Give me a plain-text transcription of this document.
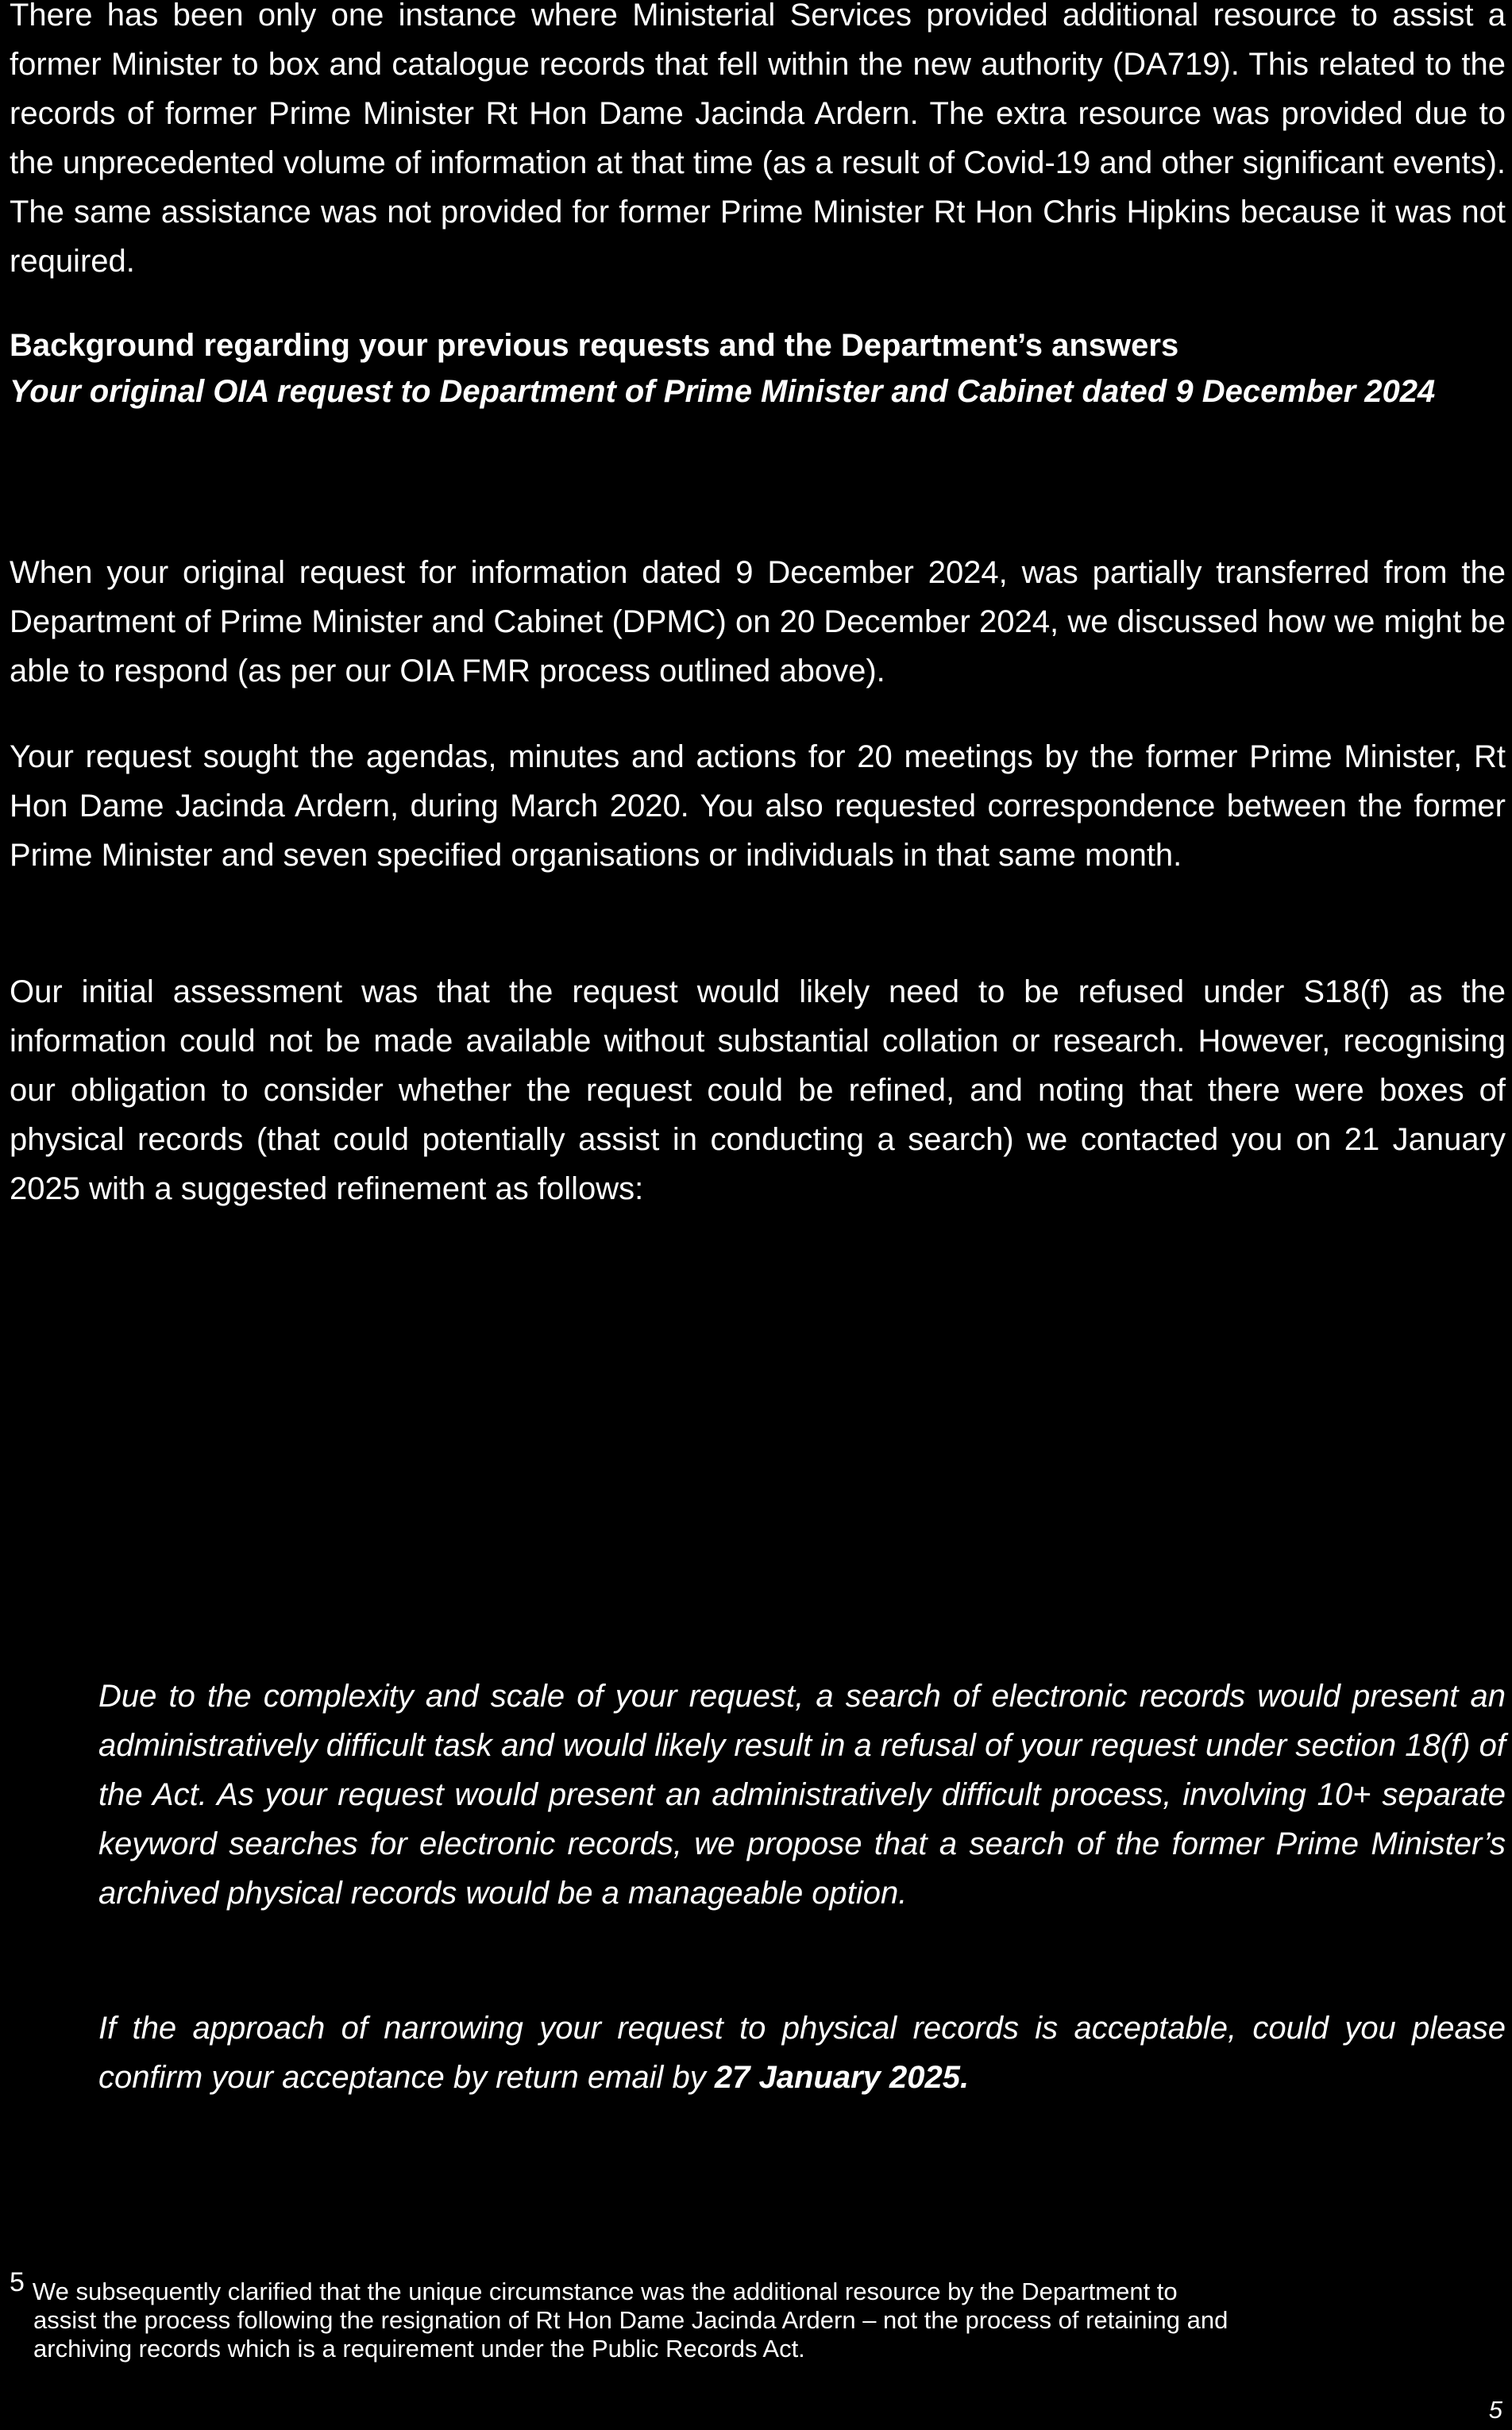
There has been only one instance where Ministerial Services provided additional resource to assist a former Minister to box and catalogue records that fell within the new authority (DA719). This related to the records of former Prime Minister Rt Hon Dame Jacinda Ardern. The extra resource was provided due to the unprecedented volume of information at that time (as a result of Covid-19 and other significant events). The same assistance was not provided for former Prime Minister Rt Hon Chris Hipkins because it was not required.

Background regarding your previous requests and the Department’s answers

Your original OIA request to Department of Prime Minister and Cabinet dated 9 December 2024

When your original request for information dated 9 December 2024, was partially transferred from the Department of Prime Minister and Cabinet (DPMC) on 20 December 2024, we discussed how we might be able to respond (as per our OIA FMR process outlined above).

Your request sought the agendas, minutes and actions for 20 meetings by the former Prime Minister, Rt Hon Dame Jacinda Ardern, during March 2020. You also requested correspondence between the former Prime Minister and seven specified organisations or individuals in that same month.

Our initial assessment was that the request would likely need to be refused under S18(f) as the information could not be made available without substantial collation or research. However, recognising our obligation to consider whether the request could be refined, and noting that there were boxes of physical records (that could potentially assist in conducting a search) we contacted you on 21 January 2025 with a suggested refinement as follows:

Due to the complexity and scale of your request, a search of electronic records would present an administratively difficult task and would likely result in a refusal of your request under section 18(f) of the Act. As your request would present an administratively difficult process, involving 10+ separate keyword searches for electronic records, we propose that a search of the former Prime Minister’s archived physical records would be a manageable option.

If the approach of narrowing your request to physical records is acceptable, could you please confirm your acceptance by return email by 27 January 2025.

5 We subsequently clarified that the unique circumstance was the additional resource by the Department to
assist the process following the resignation of Rt Hon Dame Jacinda Ardern – not the process of retaining and
archiving records which is a requirement under the Public Records Act.

5
